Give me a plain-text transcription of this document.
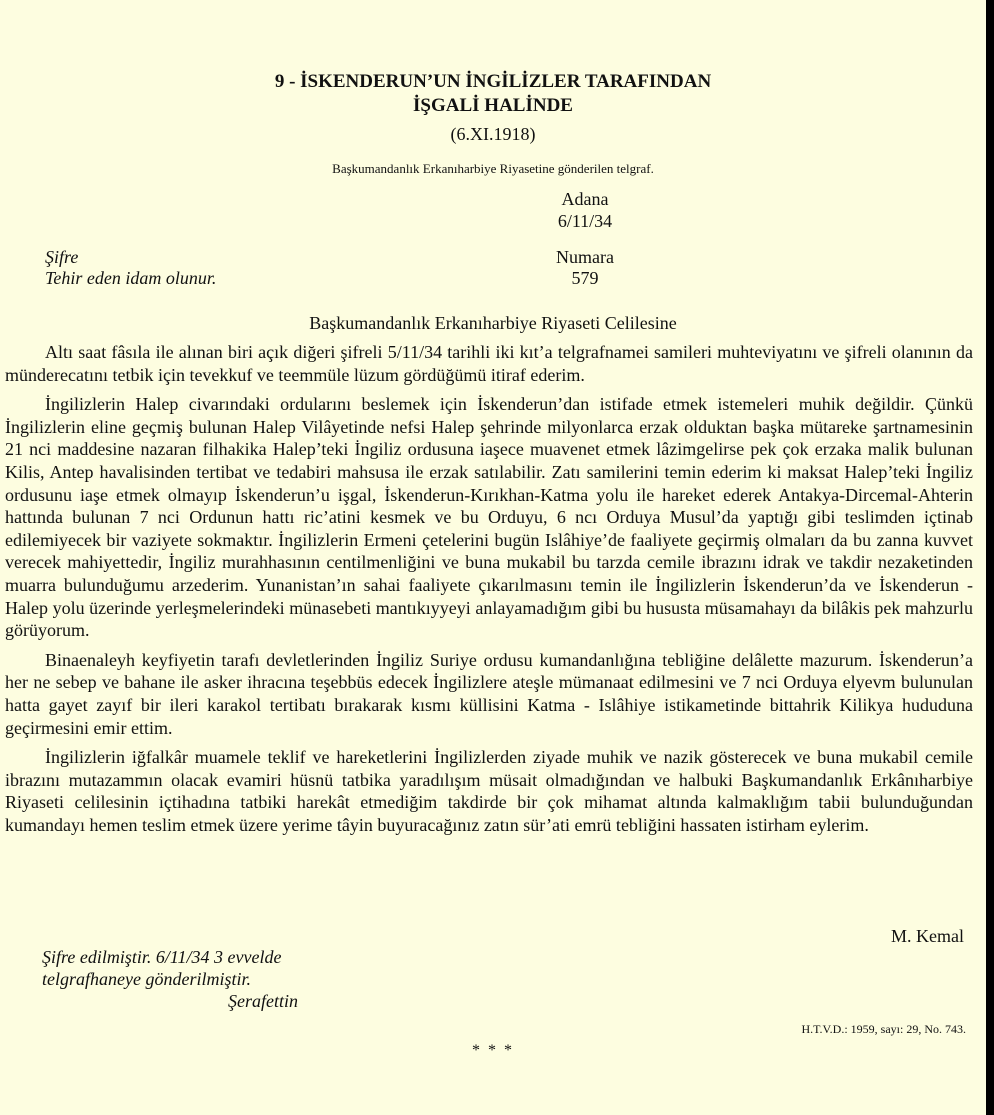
9 - İSKENDERUN’UN İNGİLİZLER TARAFINDAN
İŞGALİ HALİNDE
(6.XI.1918)
Başkumandanlık Erkanıharbiye Riyasetine gönderilen telgraf.
Adana
6/11/34
Şifre
Tehir eden idam olunur.
Numara
579
Başkumandanlık Erkanıharbiye Riyaseti Celilesine

Altı saat fâsıla ile alınan biri açık diğeri şifreli 5/11/34 tarihli iki kıt’a telgrafnamei samileri muhteviyatını ve şifreli olanının da münderecatını tetbik için tevekkuf ve teemmüle lüzum gördüğümü itiraf ederim.

İngilizlerin Halep civarındaki ordularını beslemek için İskenderun’dan istifade etmek istemeleri muhik değildir. Çünkü İngilizlerin eline geçmiş bulunan Halep Vilâyetinde nefsi Halep şehrinde milyonlarca erzak olduktan başka mütareke şartnamesinin 21 nci maddesine nazaran filhakika Halep’teki İngiliz ordusuna iaşece muavenet etmek lâzimgelirse pek çok erzaka malik bulunan Kilis, Antep havalisinden tertibat ve tedabiri mahsusa ile erzak satılabilir. Zatı samilerini temin ederim ki maksat Halep’teki İngiliz ordusunu iaşe etmek olmayıp İskenderun’u işgal, İskenderun-Kırıkhan-Katma yolu ile hareket ederek Antakya-Dircemal-Ahterin hattında bulunan 7 nci Ordunun hattı ric’atini kesmek ve bu Orduyu, 6 ncı Orduya Musul’da yaptığı gibi teslimden içtinab edilemiyecek bir vaziyete sokmaktır. İngilizlerin Ermeni çetelerini bugün Islâhiye’de faaliyete geçirmiş olmaları da bu zanna kuvvet verecek mahiyettedir, İngiliz murahhasının centilmenliğini ve buna mukabil bu tarzda cemile ibrazını idrak ve takdir nezaketinden muarra bulunduğumu arzederim. Yunanistan’ın sahai faaliyete çıkarılmasını temin ile İngilizlerin İskenderun’da ve İskenderun - Halep yolu üzerinde yerleşmelerindeki münasebeti mantıkıyyeyi anlayamadığım gibi bu hususta müsamahayı da bilâkis pek mahzurlu görüyorum.

Binaenaleyh keyfiyetin tarafı devletlerinden İngiliz Suriye ordusu kumandanlığına tebliğine delâlette mazurum. İskenderun’a her ne sebep ve bahane ile asker ihracına teşebbüs edecek İngilizlere ateşle mümanaat edilmesini ve 7 nci Orduya elyevm bulunulan hatta gayet zayıf bir ileri karakol tertibatı bırakarak kısmı küllisini Katma - Islâhiye istikametinde bittahrik Kilikya hududuna geçirmesini emir ettim.

İngilizlerin iğfalkâr muamele teklif ve hareketlerini İngilizlerden ziyade muhik ve nazik gösterecek ve buna mukabil cemile ibrazını mutazammın olacak evamiri hüsnü tatbika yaradılışım müsait olmadığından ve halbuki Başkumandanlık Erkânıharbiye Riyaseti celilesinin içtihadına tatbiki harekât etmediğim takdirde bir çok mihamat altında kalmaklığım tabii bulunduğundan kumandayı hemen teslim etmek üzere yerime tâyin buyuracağınız zatın sür’ati emrü tebliğini hassaten istirham eylerim.

M. Kemal
Şifre edilmiştir. 6/11/34 3 evvelde
telgrafhaneye gönderilmiştir.
Şerafettin
H.T.V.D.: 1959, sayı: 29, No. 743.
* * *
